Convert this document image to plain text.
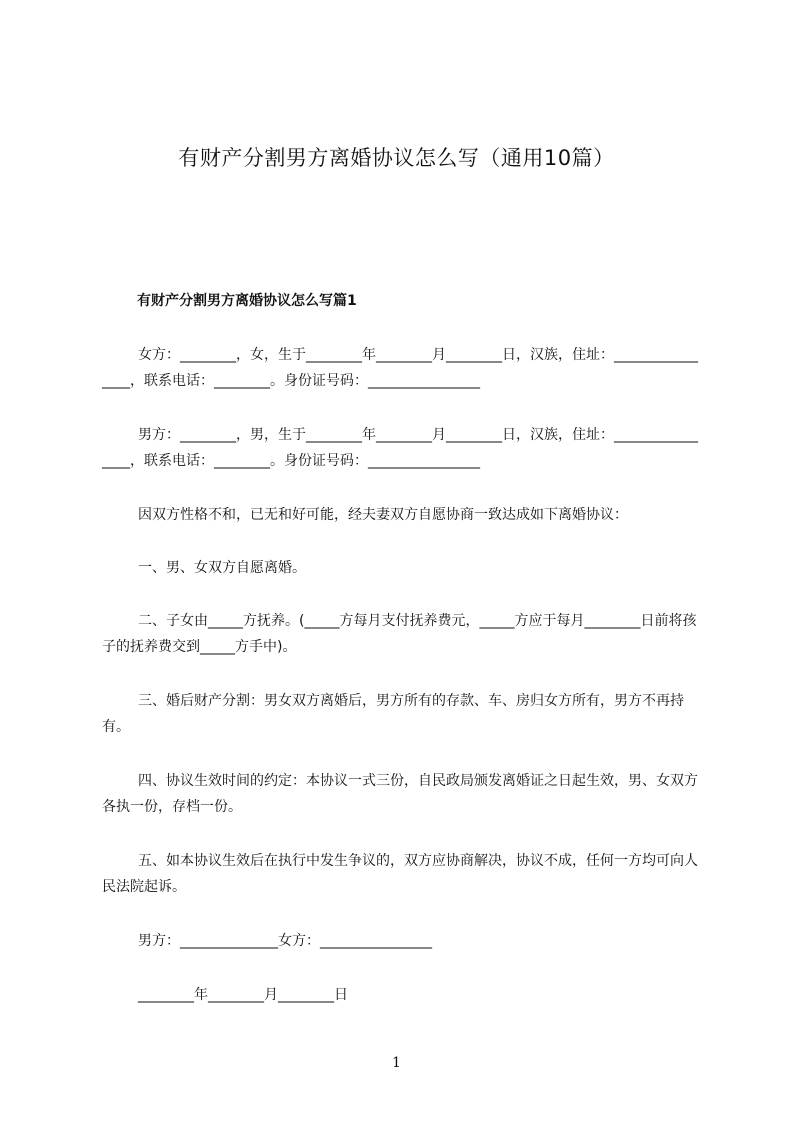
有财产分割男方离婚协议怎么写（通用10篇）
有财产分割男方离婚协议怎么写篇1

女方：________，女，生于________年________月________日，汉族，住址：________________，联系电话：________。身份证号码：________________

男方：________，男，生于________年________月________日，汉族，住址：________________，联系电话：________。身份证号码：________________

因双方性格不和，已无和好可能，经夫妻双方自愿协商一致达成如下离婚协议：

一、男、女双方自愿离婚。

二、子女由_____方抚养。(_____方每月支付抚养费元，_____方应于每月________日前将孩子的抚养费交到_____方手中)。

三、婚后财产分割：男女双方离婚后，男方所有的存款、车、房归女方所有，男方不再持有。

四、协议生效时间的约定：本协议一式三份，自民政局颁发离婚证之日起生效，男、女双方各执一份，存档一份。

五、如本协议生效后在执行中发生争议的，双方应协商解决，协议不成，任何一方均可向人民法院起诉。

男方：______________女方：________________

________年________月________日

1
